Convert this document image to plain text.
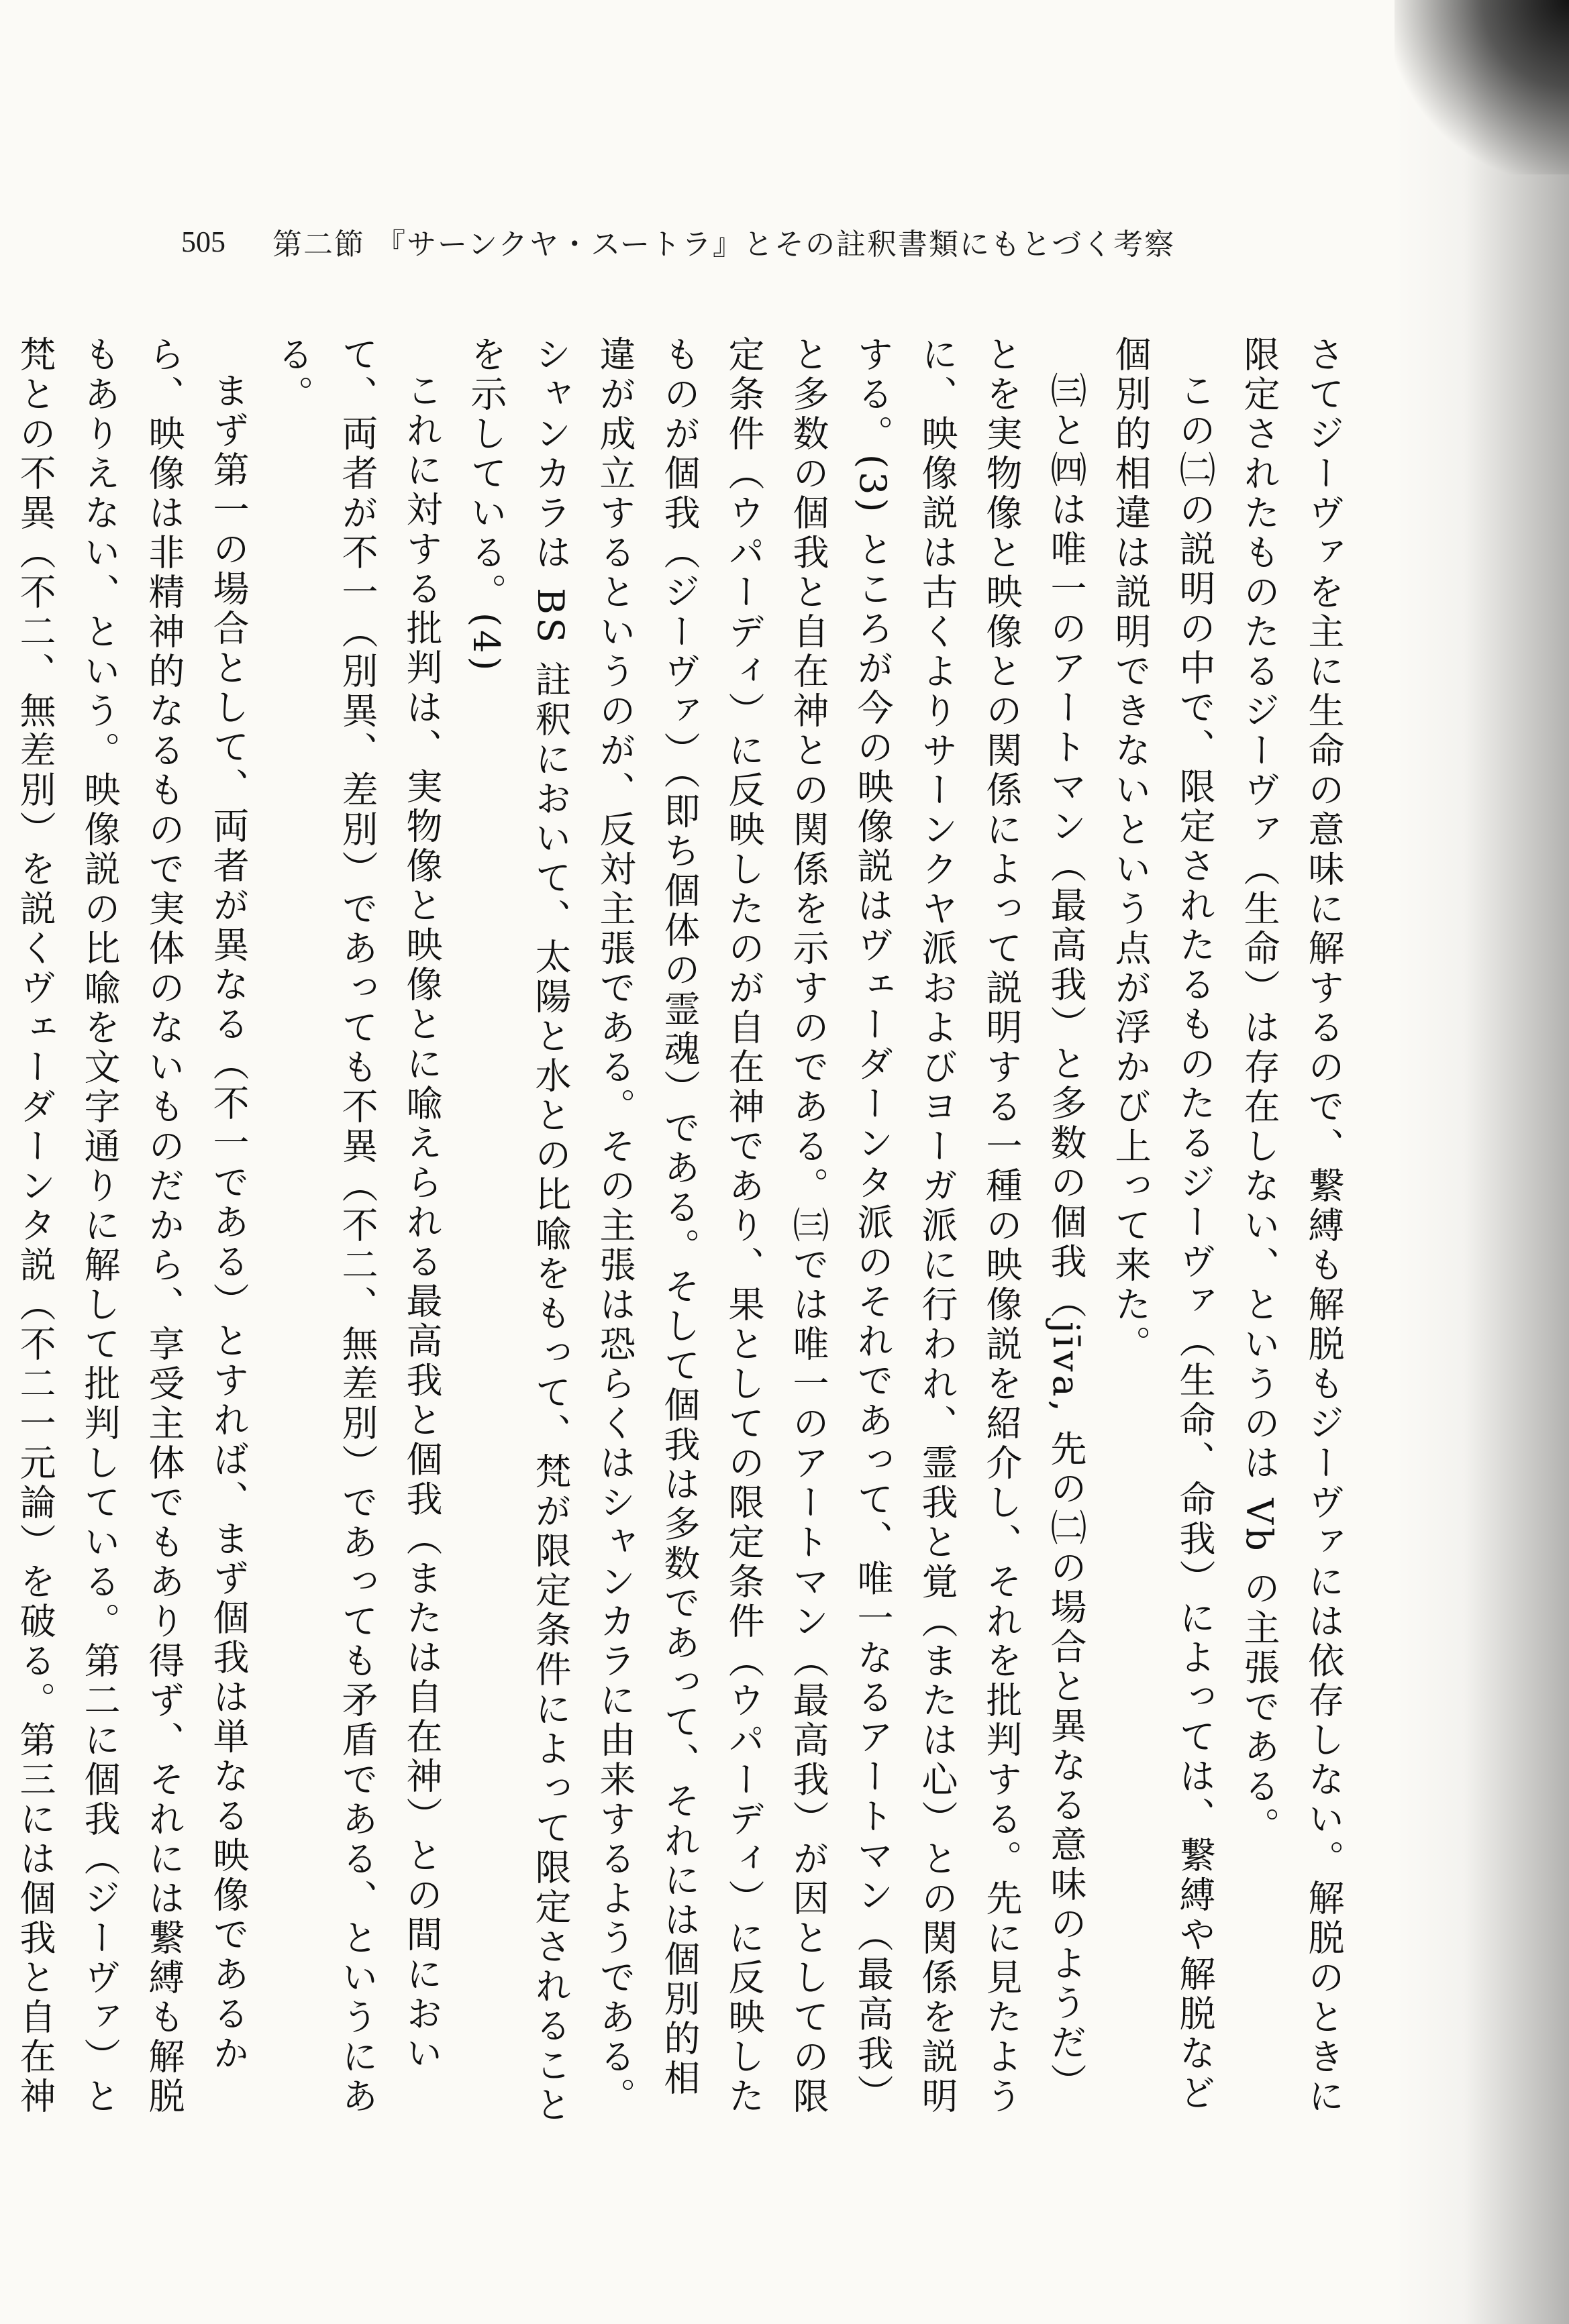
505 第二節 『サーンクヤ・スートラ』とその註釈書類にもとづく考察

さてジーヴァを主に生命の意味に解するので、繋縛も解脱もジーヴァには依存しない。解脱のときに限定されたものたるジーヴァ（生命）は存在しない、というのは Vb の主張である。

この㈡の説明の中で、限定されたるものたるジーヴァ（生命、命我）によっては、繋縛や解脱など個別的相違は説明できないという点が浮かび上って来た。

㈢と㈣は唯一のアートマン（最高我）と多数の個我（jīva, 先の㈡の場合と異なる意味のようだ）とを実物像と映像との関係によって説明する一種の映像説を紹介し、それを批判する。先に見たように、映像説は古くよりサーンクヤ派およびヨーガ派に行われ、霊我と覚（または心）との関係を説明する。(3) ところが今の映像説はヴェーダーンタ派のそれであって、唯一なるアートマン（最高我）と多数の個我と自在神との関係を示すのである。㈢では唯一のアートマン（最高我）が因としての限定条件（ウパーディ）に反映したのが自在神であり、果としての限定条件（ウパーディ）に反映したものが個我（ジーヴァ）（即ち個体の霊魂）である。そして個我は多数であって、それには個別的相違が成立するというのが、反対主張である。その主張は恐らくはシャンカラに由来するようである。シャンカラは BS 註釈において、太陽と水との比喩をもって、梵が限定条件によって限定されることを示している。(4)

これに対する批判は、実物像と映像とに喩えられる最高我と個我（または自在神）との間において、両者が不一（別異、差別）であっても不異（不二、無差別）であっても矛盾である、というにある。

まず第一の場合として、両者が異なる（不一である）とすれば、まず個我は単なる映像であるから、映像は非精神的なるもので実体のないものだから、享受主体でもあり得ず、それには繋縛も解脱もありえない、という。映像説の比喩を文字通りに解して批判している。第二に個我（ジーヴァ）と梵との不異（不二、無差別）を説くヴェーダーンタ説（不二一元論）を破る。第三には個我と自在神
